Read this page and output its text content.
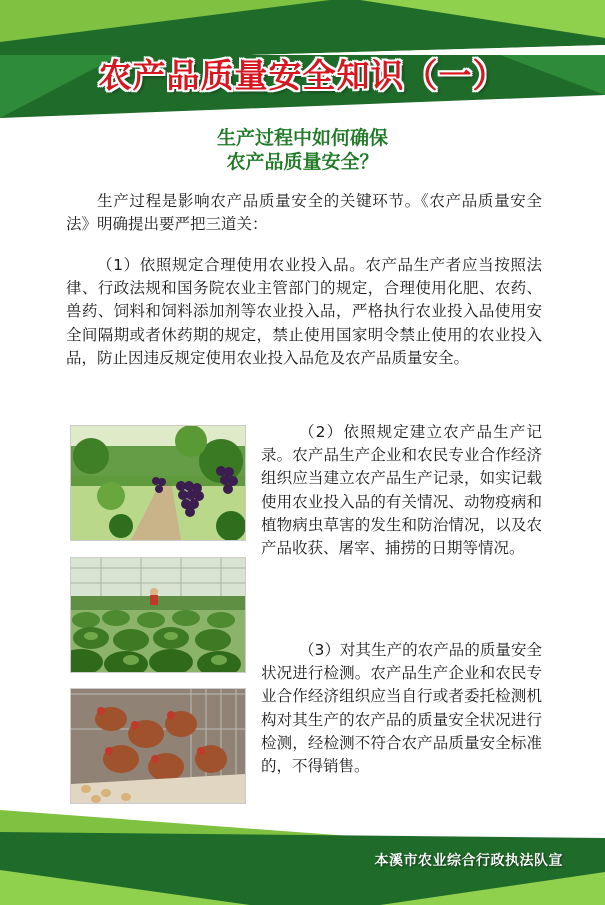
农产品质量安全知识（一）
生产过程中如何确保
农产品质量安全？
生产过程是影响农产品质量安全的关键环节。《农产品质量安全法》明确提出要严把三道关：
（1）依照规定合理使用农业投入品。农产品生产者应当按照法律、行政法规和国务院农业主管部门的规定，合理使用化肥、农药、兽药、饲料和饲料添加剂等农业投入品，严格执行农业投入品使用安全间隔期或者休药期的规定，禁止使用国家明令禁止使用的农业投入品，防止因违反规定使用农业投入品危及农产品质量安全。
（2）依照规定建立农产品生产记录。农产品生产企业和农民专业合作经济组织应当建立农产品生产记录，如实记载使用农业投入品的有关情况、动物疫病和植物病虫草害的发生和防治情况，以及农产品收获、屠宰、捕捞的日期等情况。
（3）对其生产的农产品的质量安全状况进行检测。农产品生产企业和农民专业合作经济组织应当自行或者委托检测机构对其生产的农产品的质量安全状况进行检测，经检测不符合农产品质量安全标准的，不得销售。
本溪市农业综合行政执法队宣
